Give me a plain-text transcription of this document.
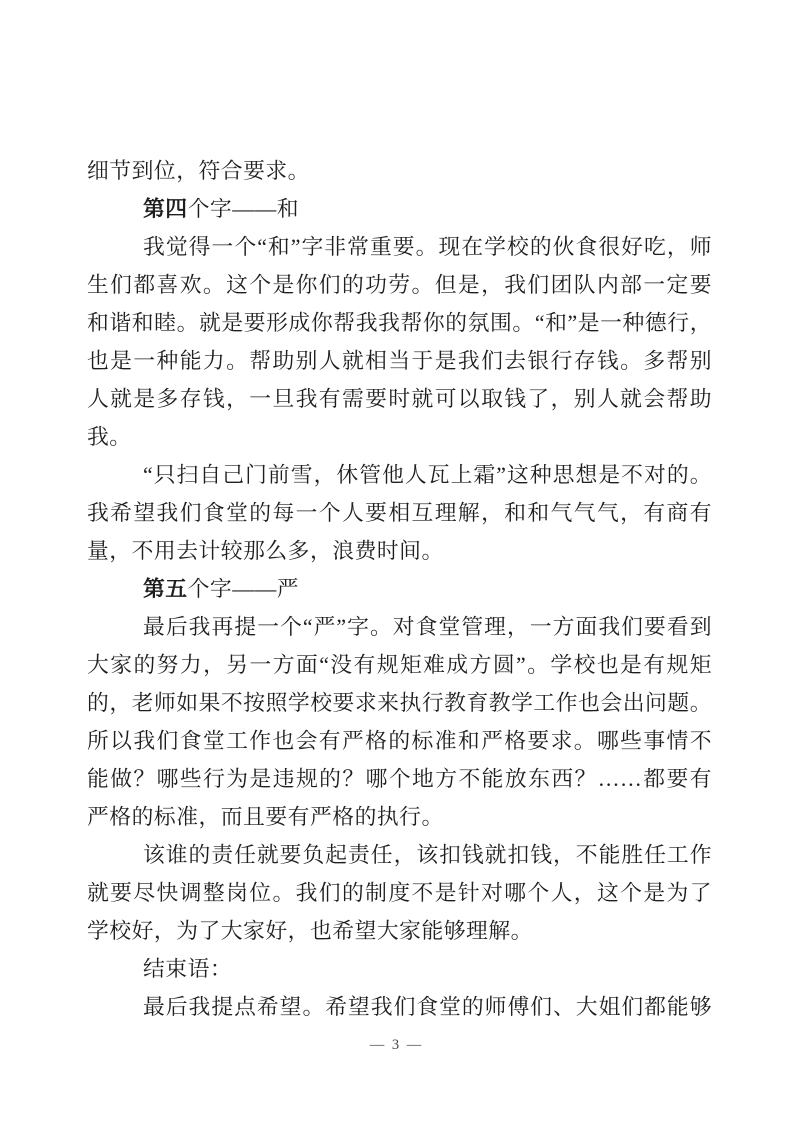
细节到位，符合要求。
第四个字——和
我觉得一个“和”字非常重要。现在学校的伙食很好吃，师
生们都喜欢。这个是你们的功劳。但是，我们团队内部一定要
和谐和睦。就是要形成你帮我我帮你的氛围。“和”是一种德行，
也是一种能力。帮助别人就相当于是我们去银行存钱。多帮别
人就是多存钱，一旦我有需要时就可以取钱了，别人就会帮助
我。
“只扫自己门前雪，休管他人瓦上霜”这种思想是不对的。
我希望我们食堂的每一个人要相互理解，和和气气气，有商有
量，不用去计较那么多，浪费时间。
第五个字——严
最后我再提一个“严”字。对食堂管理，一方面我们要看到
大家的努力，另一方面“没有规矩难成方圆”。学校也是有规矩
的，老师如果不按照学校要求来执行教育教学工作也会出问题。
所以我们食堂工作也会有严格的标准和严格要求。哪些事情不
能做？哪些行为是违规的？哪个地方不能放东西？……都要有
严格的标准，而且要有严格的执行。
该谁的责任就要负起责任，该扣钱就扣钱，不能胜任工作
就要尽快调整岗位。我们的制度不是针对哪个人，这个是为了
学校好，为了大家好，也希望大家能够理解。
结束语：
最后我提点希望。希望我们食堂的师傅们、大姐们都能够
— 3 —
